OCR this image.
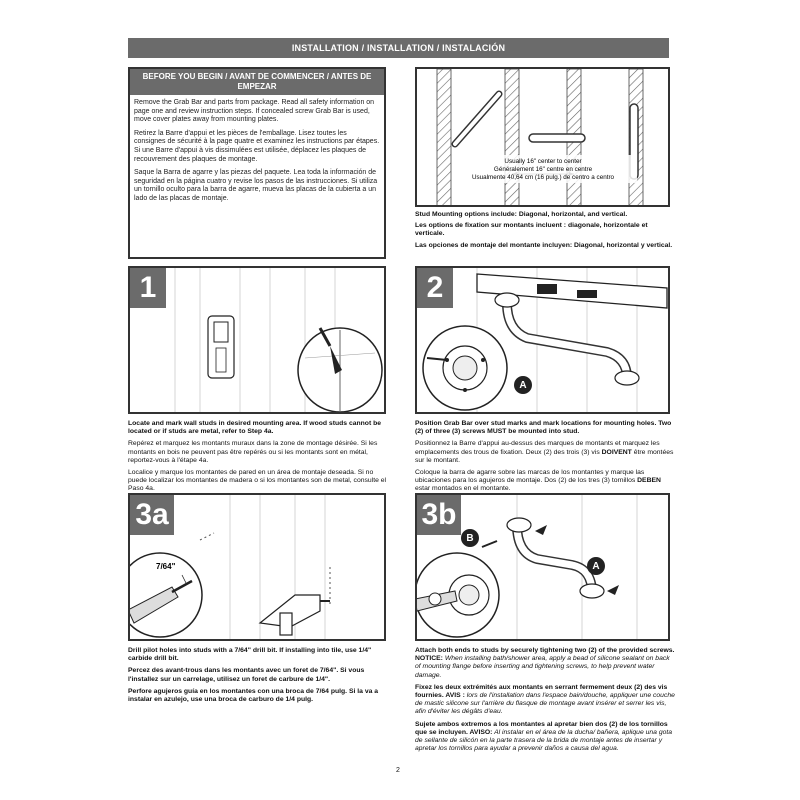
INSTALLATION / INSTALLATION / INSTALACIÓN
BEFORE YOU BEGIN / AVANT DE COMMENCER / ANTES DE EMPEZAR

Remove the Grab Bar and parts from package. Read all safety information on page one and review instruction steps. If concealed screw Grab Bar is used, move cover plates away from mounting plates.

Retirez la Barre d'appui et les pièces de l'emballage. Lisez toutes les consignes de sécurité à la page quatre et examinez les instructions par étapes. Si une Barre d'appui à vis dissimulées est utilisée, déplacez les plaques de recouvrement des plaques de montage.

Saque la Barra de agarre y las piezas del paquete. Lea toda la información de seguridad en la página cuatro y revise los pasos de las instrucciones. Si utiliza un tornillo oculto para la barra de agarre, mueva las placas de la cubierta a un lado de las placas de montaje.

Usually 16" center to center
Généralement 16" centre en centre
Usualmente 40,64 cm (16 pulg.) de centro a centro

Stud Mounting options include: Diagonal, horizontal, and vertical.

Les options de fixation sur montants incluent : diagonale, horizontale et verticale.

Las opciones de montaje del montante incluyen: Diagonal, horizontal y vertical.

1

Locate and mark wall studs in desired mounting area. If wood studs cannot be located or if studs are metal, refer to Step 4a.

Repérez et marquez les montants muraux dans la zone de montage désirée. Si les montants en bois ne peuvent pas être repérés ou si les montants sont en métal, reportez-vous à l'étape 4a.

Localice y marque los montantes de pared en un área de montaje deseada. Si no puede localizar los montantes de madera o si los montantes son de metal, consulte el Paso 4a.

2
A

Position Grab Bar over stud marks and mark locations for mounting holes. Two (2) of three (3) screws MUST be mounted into stud.

Positionnez la Barre d'appui au-dessus des marques de montants et marquez les emplacements des trous de fixation. Deux (2) des trois (3) vis DOIVENT être montées sur le montant.

Coloque la barra de agarre sobre las marcas de los montantes y marque las ubicaciones para los agujeros de montaje. Dos (2) de los tres (3) tornillos DEBEN estar montados en el montante.

3a
7/64"

Drill pilot holes into studs with a 7/64" drill bit. If installing into tile, use 1/4" carbide drill bit.

Percez des avant-trous dans les montants avec un foret de 7/64". Si vous l'installez sur un carrelage, utilisez un foret de carbure de 1/4".

Perfore agujeros guía en los montantes con una broca de 7/64 pulg. Si la va a instalar en azulejo, use una broca de carburo de 1/4 pulg.

3b
B
A

Attach both ends to studs by securely tightening two (2) of the provided screws. NOTICE: When installing bath/shower area, apply a bead of silicone sealant on back of mounting flange before inserting and tightening screws, to help prevent water damage.

Fixez les deux extrémités aux montants en serrant fermement deux (2) des vis fournies. AVIS : lors de l'installation dans l'espace bain/douche, appliquer une couche de mastic silicone sur l'arrière du flasque de montage avant insérer et serrer les vis, afin d'éviter les dégâts d'eau.

Sujete ambos extremos a los montantes al apretar bien dos (2) de los tornillos que se incluyen. AVISO: Al instalar en el área de la ducha/ bañera, aplique una gota de sellante de silicón en la parte trasera de la brida de montaje antes de insertar y apretar los tornillos para ayudar a prevenir daños a causa del agua.

2
